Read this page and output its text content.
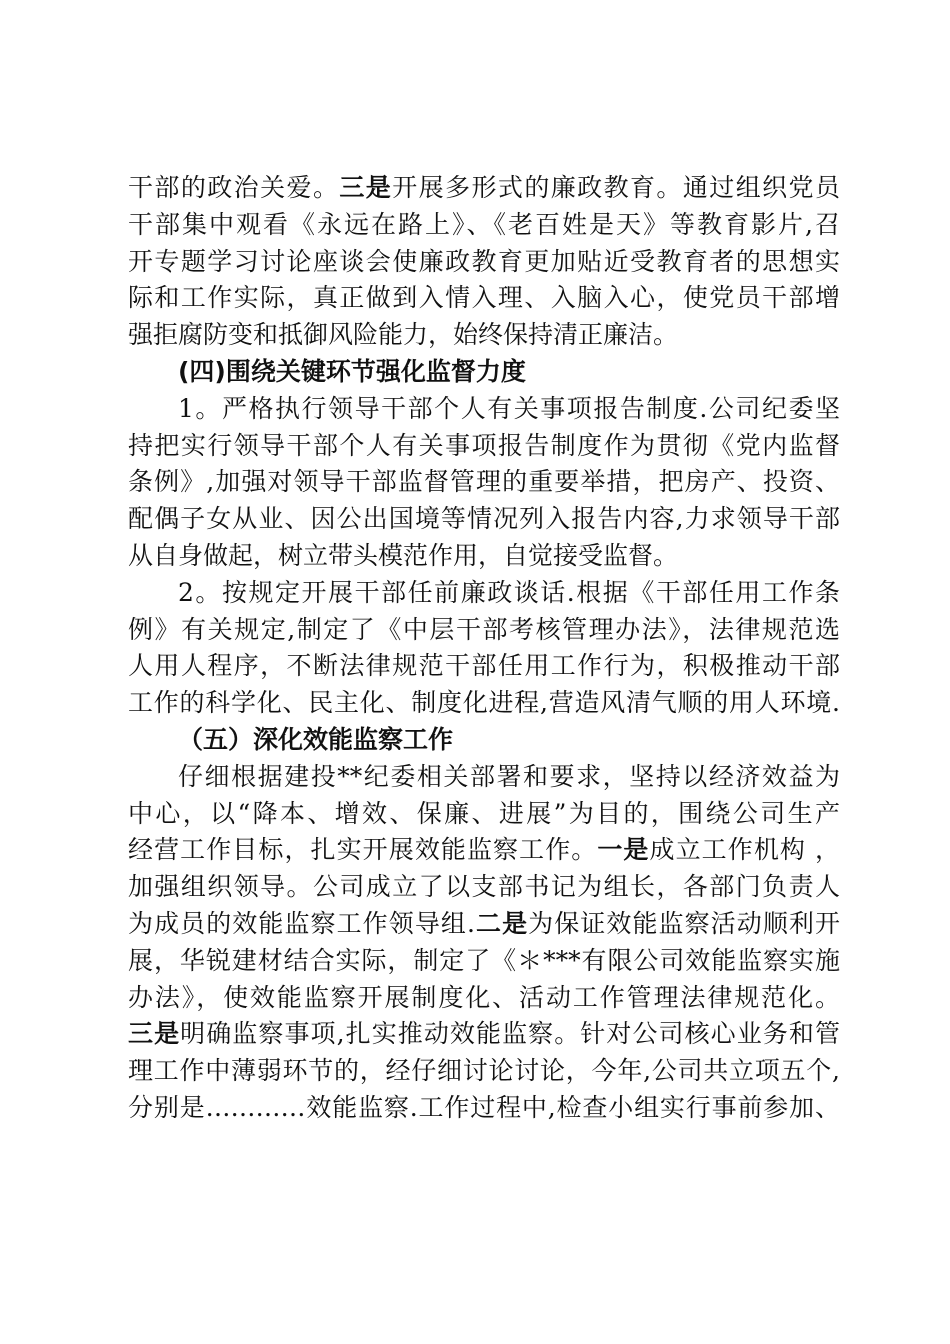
干部的政治关爱。三是开展多形式的廉政教育。通过组织党员
干部集中观看《永远在路上》、《老百姓是天》等教育影片,召
开专题学习讨论座谈会使廉政教育更加贴近受教育者的思想实
际和工作实际，真正做到入情入理、入脑入心，使党员干部增
强拒腐防变和抵御风险能力，始终保持清正廉洁。
(四)围绕关键环节强化监督力度
1。严格执行领导干部个人有关事项报告制度.公司纪委坚
持把实行领导干部个人有关事项报告制度作为贯彻《党内监督
条例》,加强对领导干部监督管理的重要举措，把房产、投资、
配偶子女从业、因公出国境等情况列入报告内容,力求领导干部
从自身做起，树立带头模范作用，自觉接受监督。
2。按规定开展干部任前廉政谈话.根据《干部任用工作条
例》有关规定,制定了《中层干部考核管理办法》，法律规范选
人用人程序，不断法律规范干部任用工作行为，积极推动干部
工作的科学化、民主化、制度化进程,营造风清气顺的用人环境.
（五）深化效能监察工作
仔细根据建投**纪委相关部署和要求，坚持以经济效益为
中心，以“降本、增效、保廉、进展”为目的，围绕公司生产
经营工作目标，扎实开展效能监察工作。一是成立工作机构 ，
加强组织领导。公司成立了以支部书记为组长，各部门负责人
为成员的效能监察工作领导组.二是为保证效能监察活动顺利开
展，华锐建材结合实际，制定了《＊***有限公司效能监察实施
办法》，使效能监察开展制度化、活动工作管理法律规范化。
三是明确监察事项,扎实推动效能监察。针对公司核心业务和管
理工作中薄弱环节的，经仔细讨论讨论，今年,公司共立项五个,
分别是…………效能监察.工作过程中,检查小组实行事前参加、
